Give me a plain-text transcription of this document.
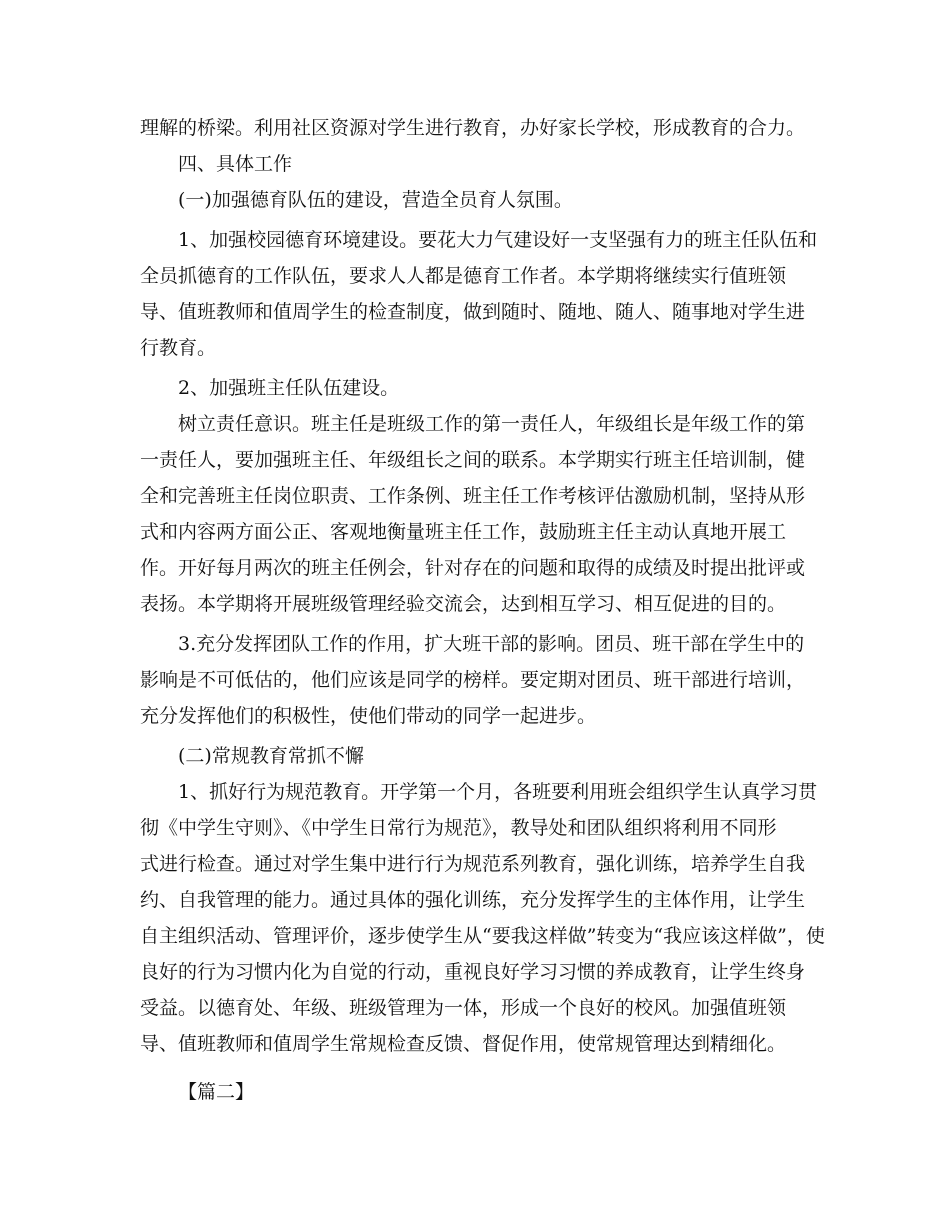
理解的桥梁。利用社区资源对学生进行教育，办好家长学校，形成教育的合力。
四、具体工作
(一)加强德育队伍的建设，营造全员育人氛围。
1、加强校园德育环境建设。要花大力气建设好一支坚强有力的班主任队伍和
全员抓德育的工作队伍，要求人人都是德育工作者。本学期将继续实行值班领
导、值班教师和值周学生的检查制度，做到随时、随地、随人、随事地对学生进
行教育。
2、加强班主任队伍建设。
树立责任意识。班主任是班级工作的第一责任人，年级组长是年级工作的第
一责任人，要加强班主任、年级组长之间的联系。本学期实行班主任培训制，健
全和完善班主任岗位职责、工作条例、班主任工作考核评估激励机制，坚持从形
式和内容两方面公正、客观地衡量班主任工作，鼓励班主任主动认真地开展工
作。开好每月两次的班主任例会，针对存在的问题和取得的成绩及时提出批评或
表扬。本学期将开展班级管理经验交流会，达到相互学习、相互促进的目的。
3.充分发挥团队工作的作用，扩大班干部的影响。团员、班干部在学生中的
影响是不可低估的，他们应该是同学的榜样。要定期对团员、班干部进行培训，
充分发挥他们的积极性，使他们带动的同学一起进步。
(二)常规教育常抓不懈
1、抓好行为规范教育。开学第一个月，各班要利用班会组织学生认真学习贯
彻《中学生守则》、《中学生日常行为规范》，教导处和团队组织将利用不同形
式进行检查。通过对学生集中进行行为规范系列教育，强化训练，培养学生自我
约、自我管理的能力。通过具体的强化训练，充分发挥学生的主体作用，让学生
自主组织活动、管理评价，逐步使学生从“要我这样做”转变为“我应该这样做”，使
良好的行为习惯内化为自觉的行动，重视良好学习习惯的养成教育，让学生终身
受益。以德育处、年级、班级管理为一体，形成一个良好的校风。加强值班领
导、值班教师和值周学生常规检查反馈、督促作用，使常规管理达到精细化。
【篇二】
